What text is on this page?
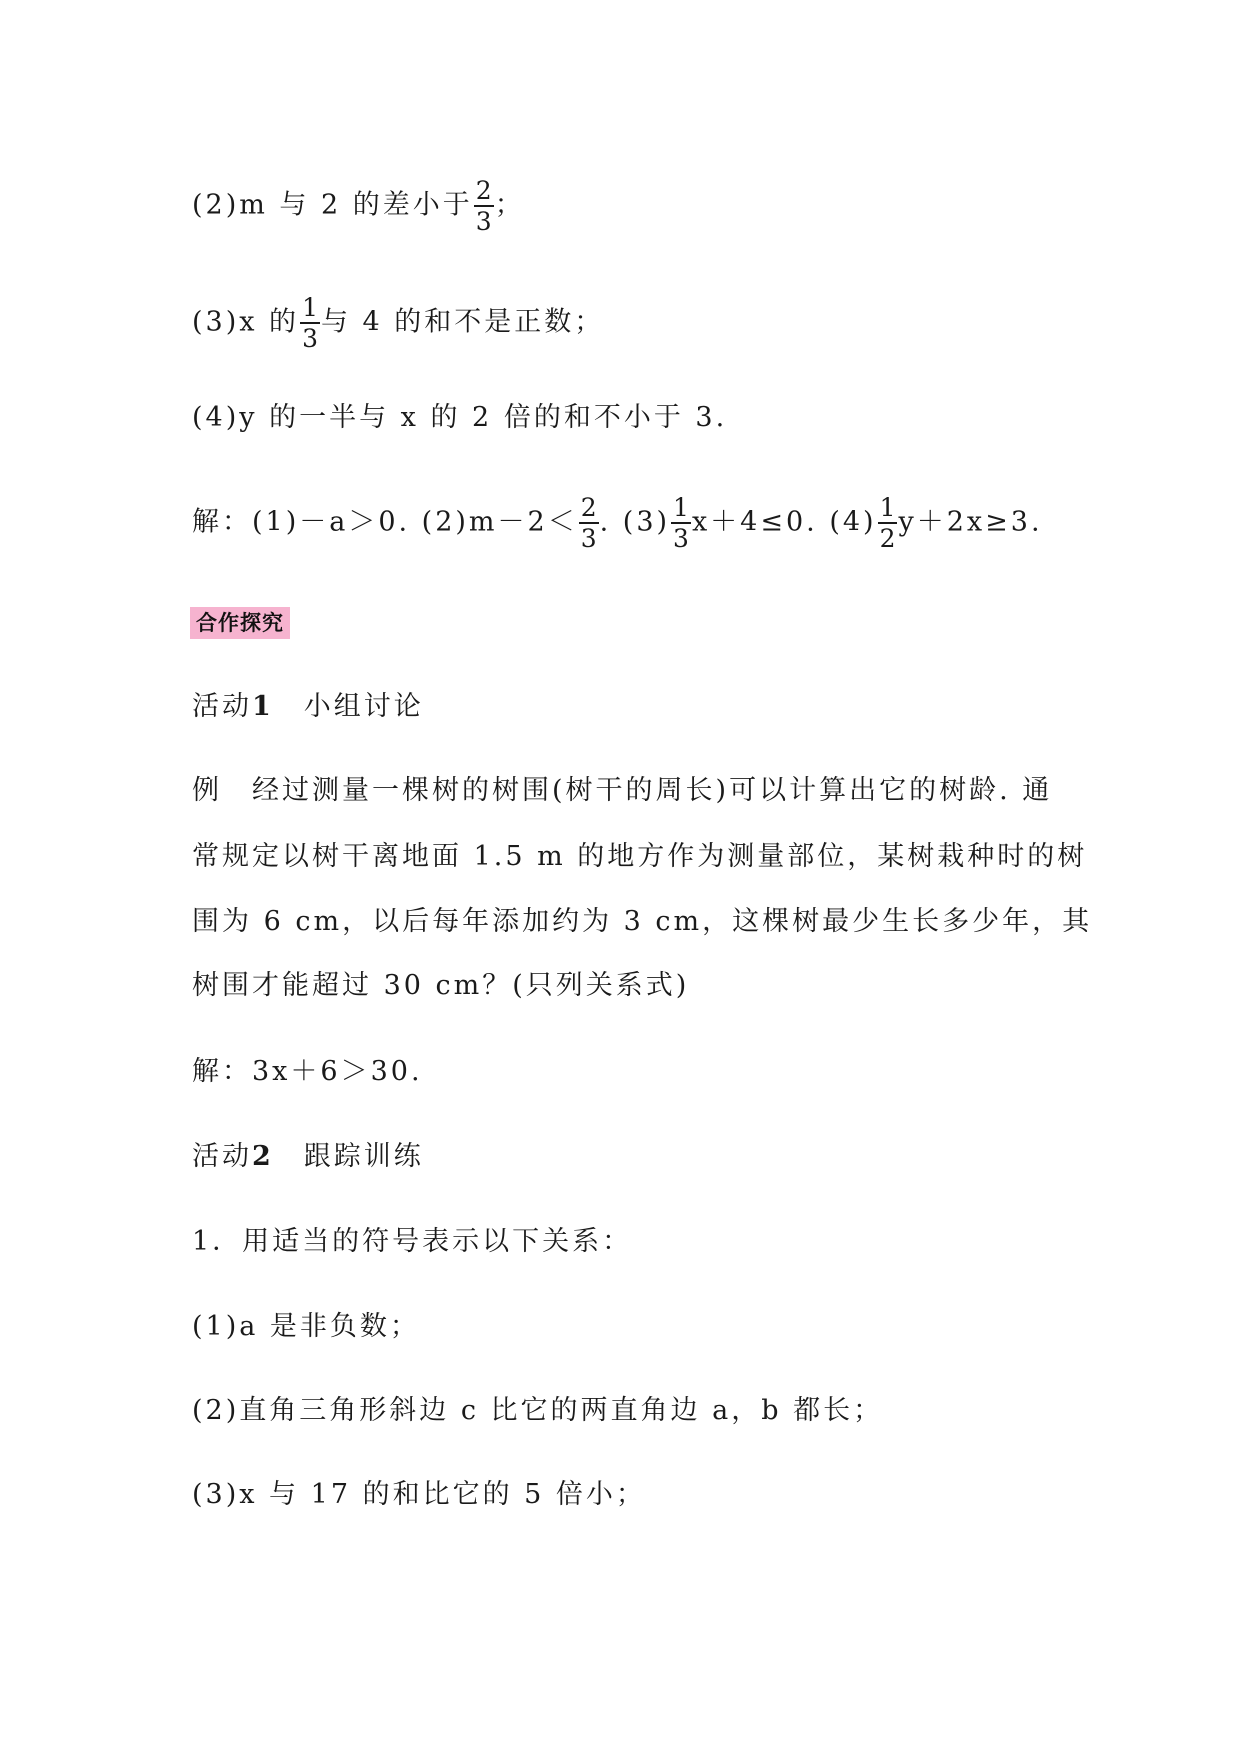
(2)m 与 2 的差小于 $\frac{2}{3}$ ；
(3)x 的 $\frac{1}{3}$ 与 4 的和不是正数；
(4)y 的一半与 x 的 2 倍的和不小于 3.
解：(1)－a＞0. $(2)m-2< \frac{2}{3}$ . $(3) \frac{1}{3} x+4\le 0$. $(4) \frac{1}{2} y+2x\ge 3$.
合作探究
活动1　 小组讨论
例　经过测量一棵树的树围(树干的周长)可以计算出它的树龄. 通
常规定以树干离地面 1.5 m 的地方作为测量部位，某树栽种时的树
围为 6 cm，以后每年添加约为 3 cm，这棵树最少生长多少年，其
树围才能超过 30 cm？(只列关系式)
解：3x＋6＞30.
活动2　 跟踪训练
1．用适当的符号表示以下关系：
(1)a 是非负数；
(2)直角三角形斜边 c 比它的两直角边 a，b 都长；
(3)x 与 17 的和比它的 5 倍小；
